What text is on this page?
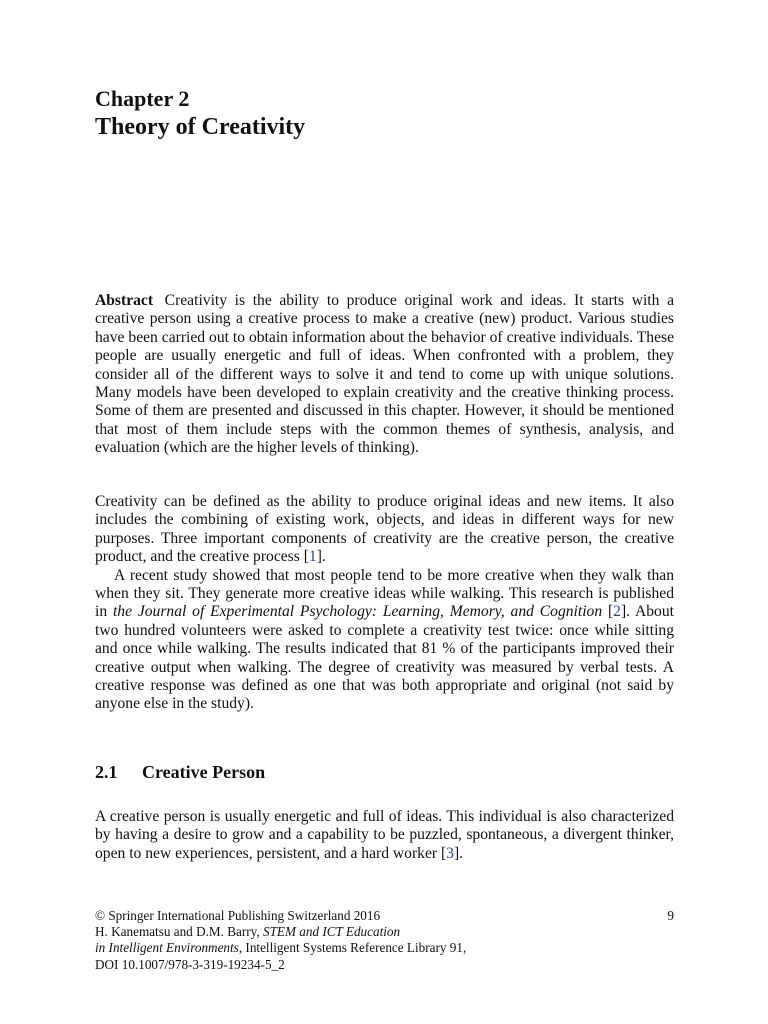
Chapter 2
Theory of Creativity
Abstract Creativity is the ability to produce original work and ideas. It starts with a creative person using a creative process to make a creative (new) product. Various studies have been carried out to obtain information about the behavior of creative individuals. These people are usually energetic and full of ideas. When confronted with a problem, they consider all of the different ways to solve it and tend to come up with unique solutions. Many models have been developed to explain creativity and the creative thinking process. Some of them are presented and discussed in this chapter. However, it should be mentioned that most of them include steps with the common themes of synthesis, analysis, and evaluation (which are the higher levels of thinking).

Creativity can be defined as the ability to produce original ideas and new items. It also includes the combining of existing work, objects, and ideas in different ways for new purposes. Three important components of creativity are the creative person, the creative product, and the creative process [1].

A recent study showed that most people tend to be more creative when they walk than when they sit. They generate more creative ideas while walking. This research is published in the Journal of Experimental Psychology: Learning, Memory, and Cognition [2]. About two hundred volunteers were asked to complete a creativity test twice: once while sitting and once while walking. The results indicated that 81 % of the participants improved their creative output when walking. The degree of creativity was measured by verbal tests. A creative response was defined as one that was both appropriate and original (not said by anyone else in the study).

2.1 Creative Person

A creative person is usually energetic and full of ideas. This individual is also characterized by having a desire to grow and a capability to be puzzled, spontaneous, a divergent thinker, open to new experiences, persistent, and a hard worker [3].

© Springer International Publishing Switzerland 2016
H. Kanematsu and D.M. Barry, STEM and ICT Education
in Intelligent Environments, Intelligent Systems Reference Library 91,
DOI 10.1007/978-3-319-19234-5_2
9
